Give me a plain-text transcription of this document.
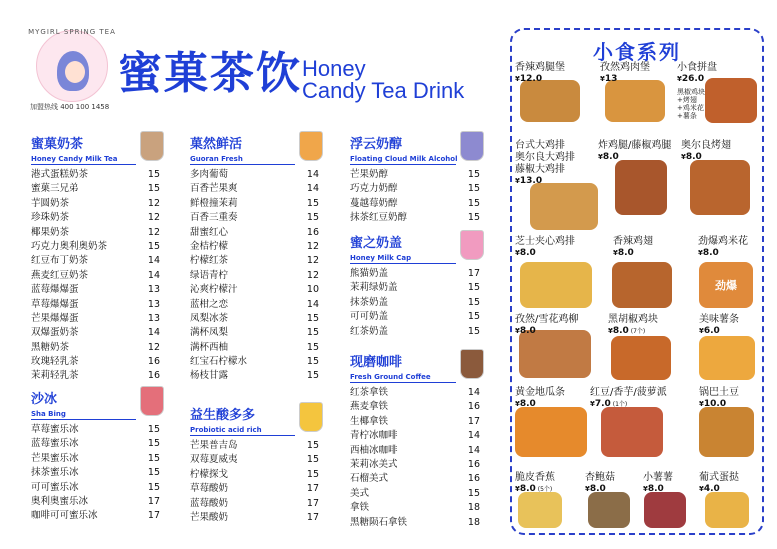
MYGIRL SPRING TEA
加盟热线 400 100 1458
蜜菓茶饮 Honey
Candy Tea Drink
蜜菓奶茶
Honey Candy Milk Tea
港式蛋糕奶茶	15
蜜菓三兄弟	15
芋圆奶茶	12
珍珠奶茶	12
椰果奶茶	12
巧克力奥利奥奶茶	15
红豆布丁奶茶	14
燕麦红豆奶茶	14
蓝莓爆爆蛋	13
草莓爆爆蛋	13
芒果爆爆蛋	13
双爆蛋奶茶	14
黑糖奶茶	12
玫瑰轻乳茶	16
茉莉轻乳茶	16
沙冰
Sha Bing
草莓蜜乐冰	15
蓝莓蜜乐冰	15
芒果蜜乐冰	15
抹茶蜜乐冰	15
可可蜜乐冰	15
奥利奥蜜乐冰	17
咖啡可可蜜乐冰	17
菓然鲜活
Guoran Fresh
多肉葡萄	14
百香芒果爽	14
鲜橙撞茉莉	15
百香三重奏	15
甜蜜红心	16
金桔柠檬	12
柠檬红茶	12
绿语青柠	12
沁爽柠檬汁	10
蓝柑之恋	14
凤梨冰茶	15
满杯凤梨	15
满杯西柚	15
红宝石柠檬水	15
杨枝甘露	15
益生酸多多
Probiotic acid rich
芒果普吉岛	15
双莓夏威夷	15
柠檬探戈	15
草莓酸奶	17
蓝莓酸奶	17
芒果酸奶	17
浮云奶醇
Floating Cloud Milk Alcohol
芒果奶醇	15
巧克力奶醇	15
蔓越莓奶醇	15
抹茶红豆奶醇	15
蜜之奶盖
Honey Milk Cap
熊猫奶盖	17
茉莉绿奶盖	15
抹茶奶盖	15
可可奶盖	15
红茶奶盖	15
现磨咖啡
Fresh Ground Coffee
红茶拿铁	14
燕麦拿铁	16
生椰拿铁	17
青柠冰咖啡	14
西柚冰咖啡	14
茉莉冰美式	16
石榴美式	16
美式	15
拿铁	18
黑糖陨石拿铁	18
小食系列
香辣鸡腿堡
¥12.0
孜然鸡肉堡
¥13
小食拼盘
¥26.0
黑椒鸡块+烤翅+鸡米花+薯条
台式大鸡排
奥尔良大鸡排
藤椒大鸡排
¥13.0
炸鸡腿/藤椒鸡腿
¥8.0
奥尔良烤翅
¥8.0
芝士夹心鸡排
¥8.0
香辣鸡翅
¥8.0
劲爆
劲爆鸡米花
¥8.0
孜然/雪花鸡柳
¥8.0
黑胡椒鸡块
¥8.0 (7个)
美味薯条
¥6.0
黄金地瓜条
¥8.0
红豆/香芋/菠萝派
¥7.0 (1个)
锅巴土豆
¥10.0
脆皮香蕉
¥8.0 (5个)
杏鲍菇
¥8.0
小薯薯
¥8.0
葡式蛋挞
¥4.0
